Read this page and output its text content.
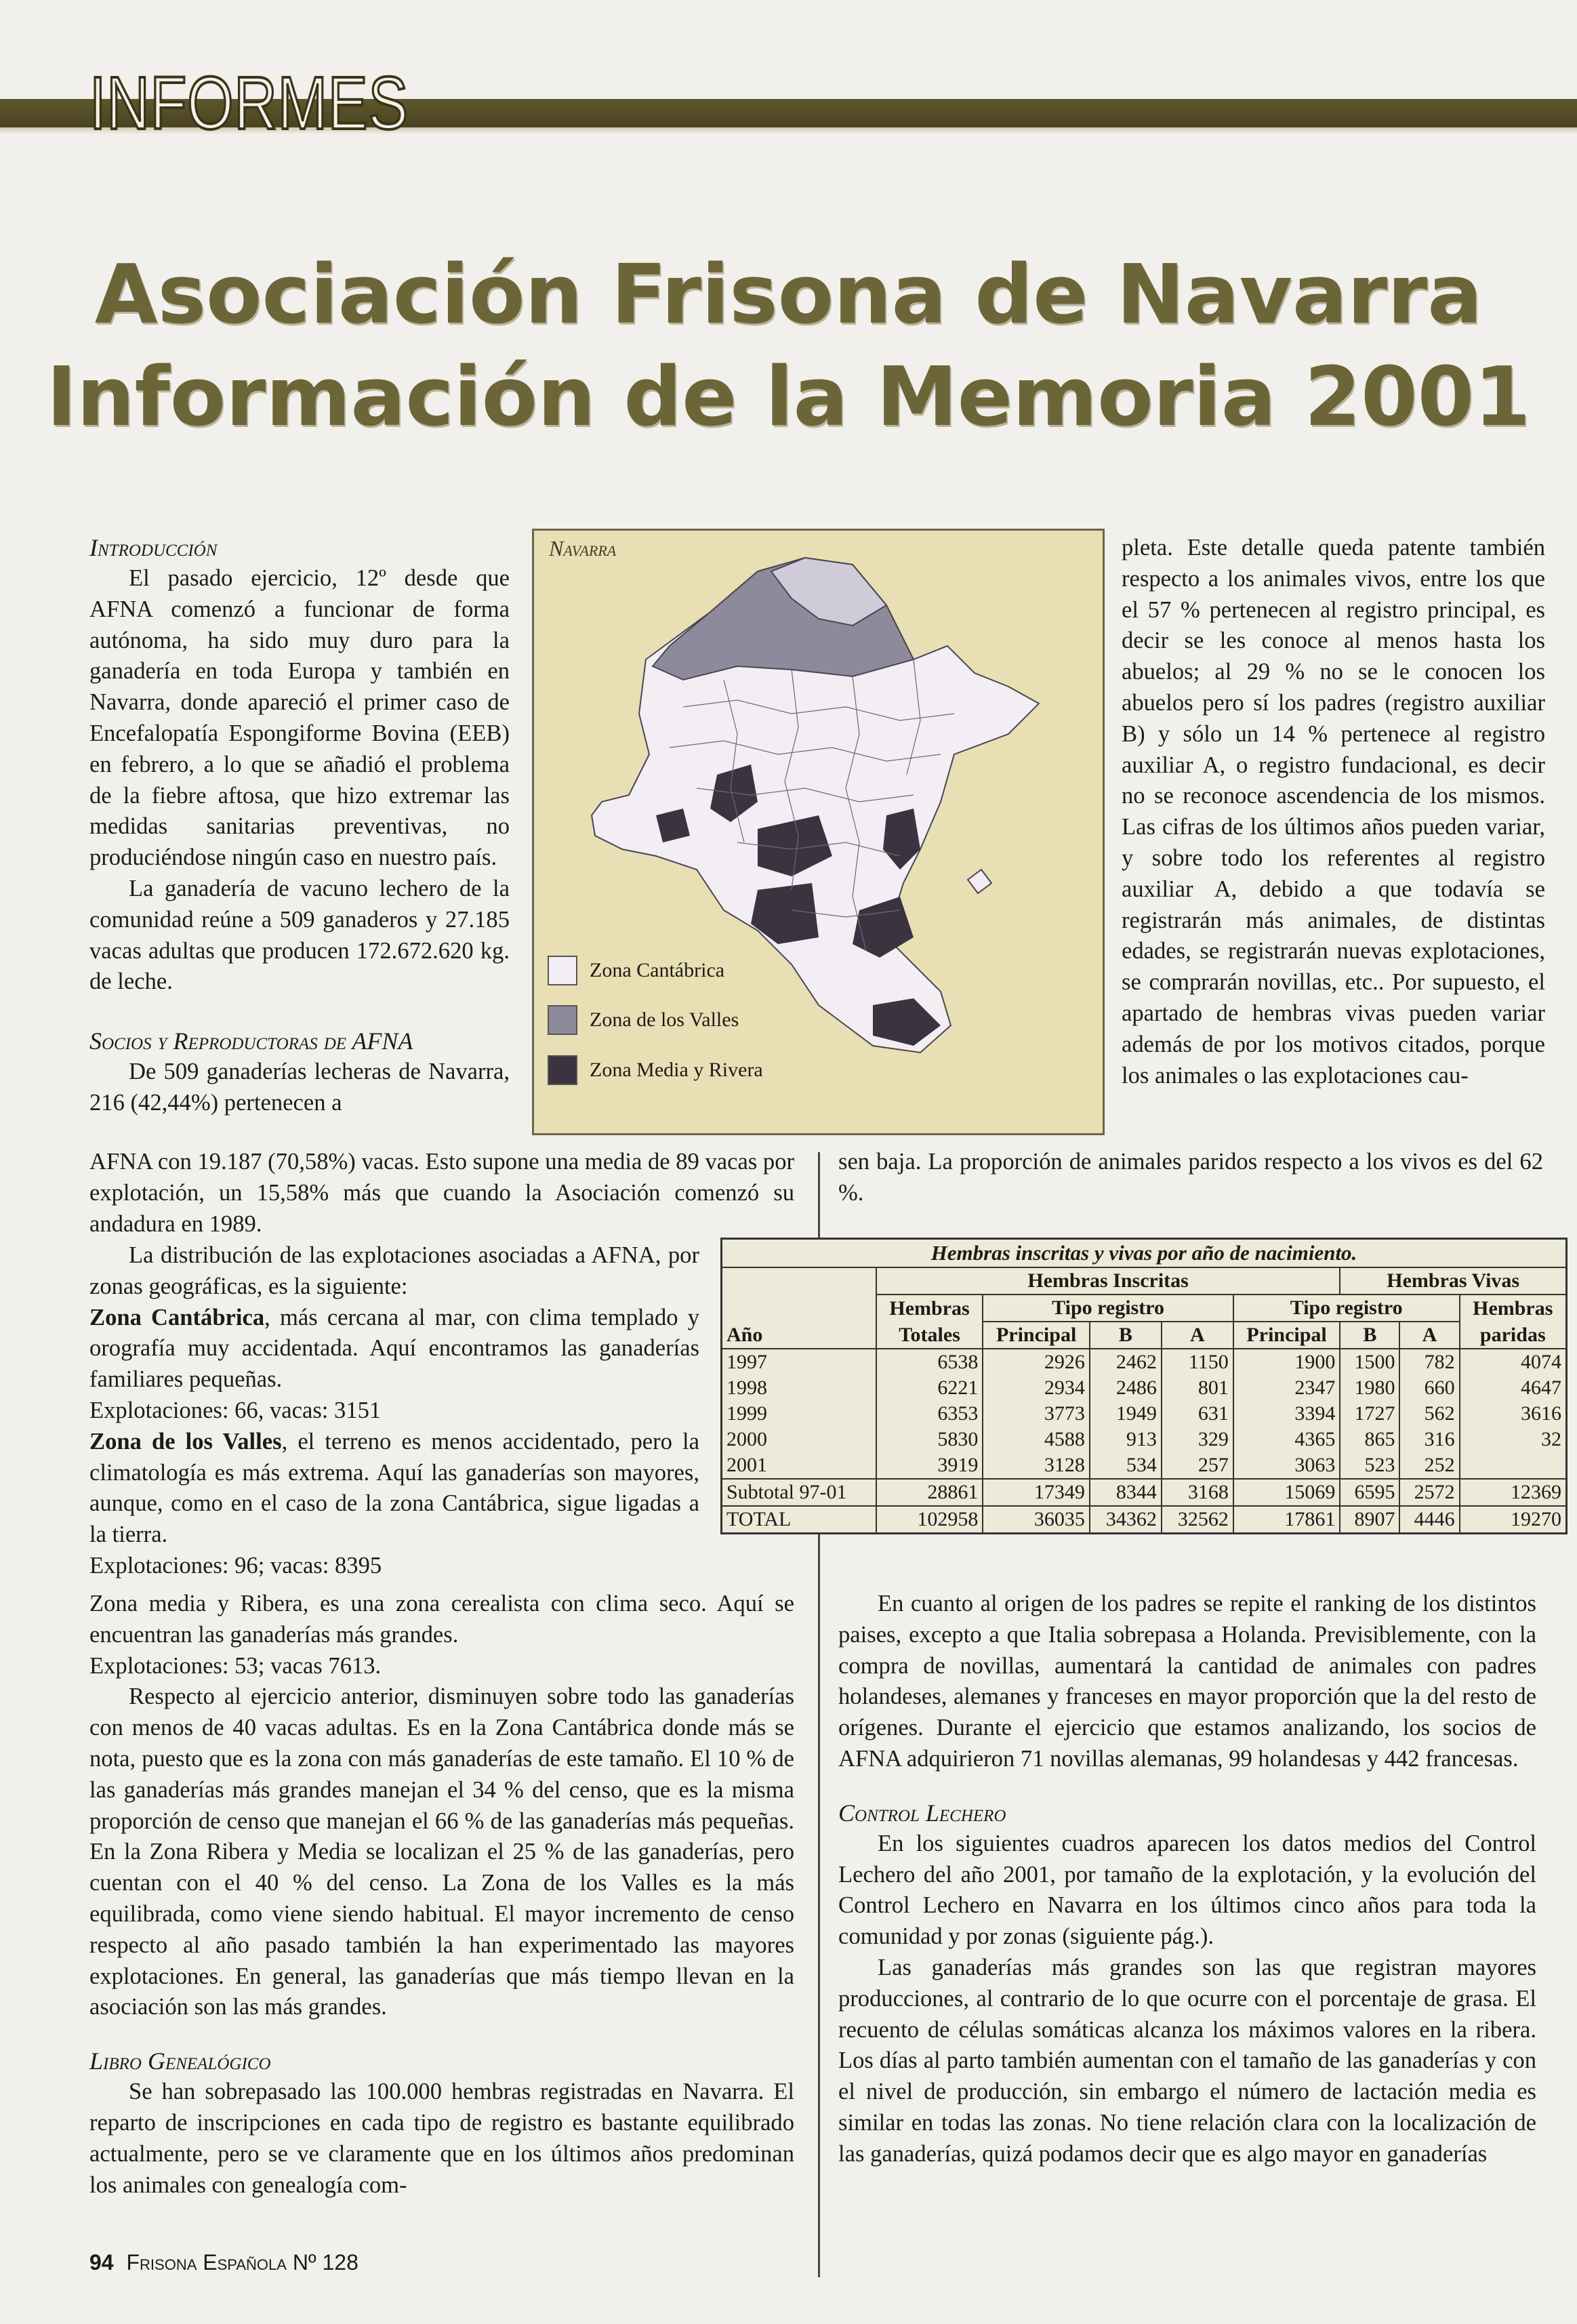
INFORMES
Asociación Frisona de Navarra
Información de la Memoria 2001
Introducción

El pasado ejercicio, 12º desde que AFNA comenzó a funcionar de forma autónoma, ha sido muy duro para la ganadería en toda Europa y también en Navarra, donde apareció el primer caso de Encefalopatía Espongiforme Bovina (EEB) en febrero, a lo que se añadió el problema de la fiebre aftosa, que hizo extremar las medidas sanitarias preventivas, no produciéndose ningún caso en nuestro país.

La ganadería de vacuno lechero de la comunidad reúne a 509 ganaderos y 27.185 vacas adultas que producen 172.672.620 kg. de leche.

Socios y Reproductoras de AFNA

De 509 ganaderías lecheras de Navarra, 216 (42,44%) pertenecen a

Navarra
Zona Cantábrica
Zona de los Valles
Zona Media y Rivera

pleta. Este detalle queda patente también respecto a los animales vivos, entre los que el 57 % pertenecen al registro principal, es decir se les conoce al menos hasta los abuelos; al 29 % no se le conocen los abuelos pero sí los padres (registro auxiliar B) y sólo un 14 % pertenece al registro auxiliar A, o registro fundacional, es decir no se reconoce ascendencia de los mismos. Las cifras de los últimos años pueden variar, y sobre todo los referentes al registro auxiliar A, debido a que todavía se registrarán más animales, de distintas edades, se registrarán nuevas explotaciones, se comprarán novillas, etc.. Por supuesto, el apartado de hembras vivas pueden variar además de por los motivos citados, porque los animales o las explotaciones cau-

AFNA con 19.187 (70,58%) vacas. Esto supone una media de 89 vacas por explotación, un 15,58% más que cuando la Asociación comenzó su andadura en 1989.

sen baja. La proporción de animales paridos respecto a los vivos es del 62 %.

La distribución de las explotaciones asociadas a AFNA, por zonas geográficas, es la siguiente:

Zona Cantábrica, más cercana al mar, con clima templado y orografía muy accidentada. Aquí encontramos las ganaderías familiares pequeñas.

Explotaciones: 66, vacas: 3151

Zona de los Valles, el terreno es menos accidentado, pero la climatología es más extrema. Aquí las ganaderías son mayores, aunque, como en el caso de la zona Cantábrica, sigue ligadas a la tierra.

Explotaciones: 96; vacas: 8395

Zona media y Ribera, es una zona cerealista con clima seco. Aquí se encuentran las ganaderías más grandes.

Explotaciones: 53; vacas 7613.

Respecto al ejercicio anterior, disminuyen sobre todo las ganaderías con menos de 40 vacas adultas. Es en la Zona Cantábrica donde más se nota, puesto que es la zona con más ganaderías de este tamaño. El 10 % de las ganaderías más grandes manejan el 34 % del censo, que es la misma proporción de censo que manejan el 66 % de las ganaderías más pequeñas. En la Zona Ribera y Media se localizan el 25 % de las ganaderías, pero cuentan con el 40 % del censo. La Zona de los Valles es la más equilibrada, como viene siendo habitual. El mayor incremento de censo respecto al año pasado también la han experimentado las mayores explotaciones. En general, las ganaderías que más tiempo llevan en la asociación son las más grandes.

Libro Genealógico

Se han sobrepasado las 100.000 hembras registradas en Navarra. El reparto de inscripciones en cada tipo de registro es bastante equilibrado actualmente, pero se ve claramente que en los últimos años predominan los animales con genealogía com-

Hembras inscritas y vivas por año de nacimiento.								
	Hembras Inscritas					Hembras Vivas		
	Hembras	Tipo registro			Tipo registro			Hembras
Año	Totales	Principal	B	A	Principal	B	A	paridas
1997	6538	2926	2462	1150	1900	1500	782	4074
1998	6221	2934	2486	801	2347	1980	660	4647
1999	6353	3773	1949	631	3394	1727	562	3616
2000	5830	4588	913	329	4365	865	316	32
2001	3919	3128	534	257	3063	523	252	
Subtotal 97-01	28861	17349	8344	3168	15069	6595	2572	12369
TOTAL	102958	36035	34362	32562	17861	8907	4446	19270

En cuanto al origen de los padres se repite el ranking de los distintos paises, excepto a que Italia sobrepasa a Holanda. Previsiblemente, con la compra de novillas, aumentará la cantidad de animales con padres holandeses, alemanes y franceses en mayor proporción que la del resto de orígenes. Durante el ejercicio que estamos analizando, los socios de AFNA adquirieron 71 novillas alemanas, 99 holandesas y 442 francesas.

Control Lechero

En los siguientes cuadros aparecen los datos medios del Control Lechero del año 2001, por tamaño de la explotación, y la evolución del Control Lechero en Navarra en los últimos cinco años para toda la comunidad y por zonas (siguiente pág.).

Las ganaderías más grandes son las que registran mayores producciones, al contrario de lo que ocurre con el porcentaje de grasa. El recuento de células somáticas alcanza los máximos valores en la ribera. Los días al parto también aumentan con el tamaño de las ganaderías y con el nivel de producción, sin embargo el número de lactación media es similar en todas las zonas. No tiene relación clara con la localización de las ganaderías, quizá podamos decir que es algo mayor en ganaderías

94 Frisona Española Nº 128
